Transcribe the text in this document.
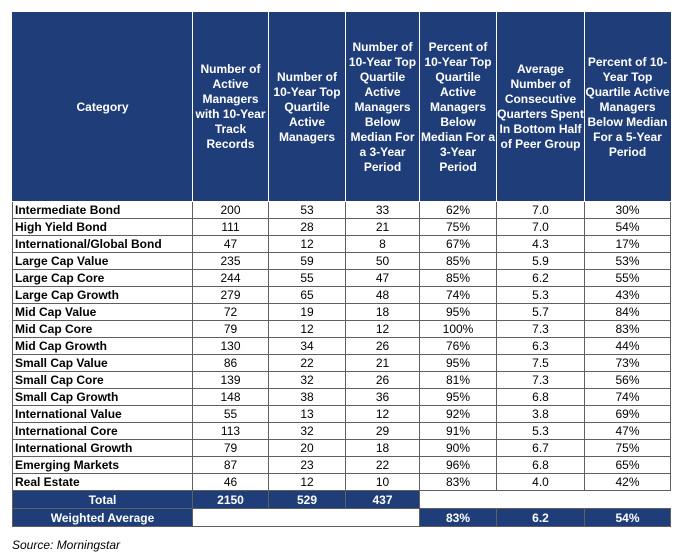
Category	Number of Active Managers with 10-Year Track Records	Number of 10-Year Top Quartile Active Managers	Number of 10-Year Top Quartile Active Managers Below Median For a 3-Year Period	Percent of 10-Year Top Quartile Active Managers Below Median For a 3-Year Period	Average Number of Consecutive Quarters Spent In Bottom Half of Peer Group	Percent of 10-Year Top Quartile Active Managers Below Median For a 5-Year Period
Intermediate Bond	200	53	33	62%	7.0	30%
High Yield Bond	111	28	21	75%	7.0	54%
International/Global Bond	47	12	8	67%	4.3	17%
Large Cap Value	235	59	50	85%	5.9	53%
Large Cap Core	244	55	47	85%	6.2	55%
Large Cap Growth	279	65	48	74%	5.3	43%
Mid Cap Value	72	19	18	95%	5.7	84%
Mid Cap Core	79	12	12	100%	7.3	83%
Mid Cap Growth	130	34	26	76%	6.3	44%
Small Cap Value	86	22	21	95%	7.5	73%
Small Cap Core	139	32	26	81%	7.3	56%
Small Cap Growth	148	38	36	95%	6.8	74%
International Value	55	13	12	92%	3.8	69%
International Core	113	32	29	91%	5.3	47%
International Growth	79	20	18	90%	6.7	75%
Emerging Markets	87	23	22	96%	6.8	65%
Real Estate	46	12	10	83%	4.0	42%
Total	2150	529	437			
Weighted Average				83%	6.2	54%
Source: Morningstar
